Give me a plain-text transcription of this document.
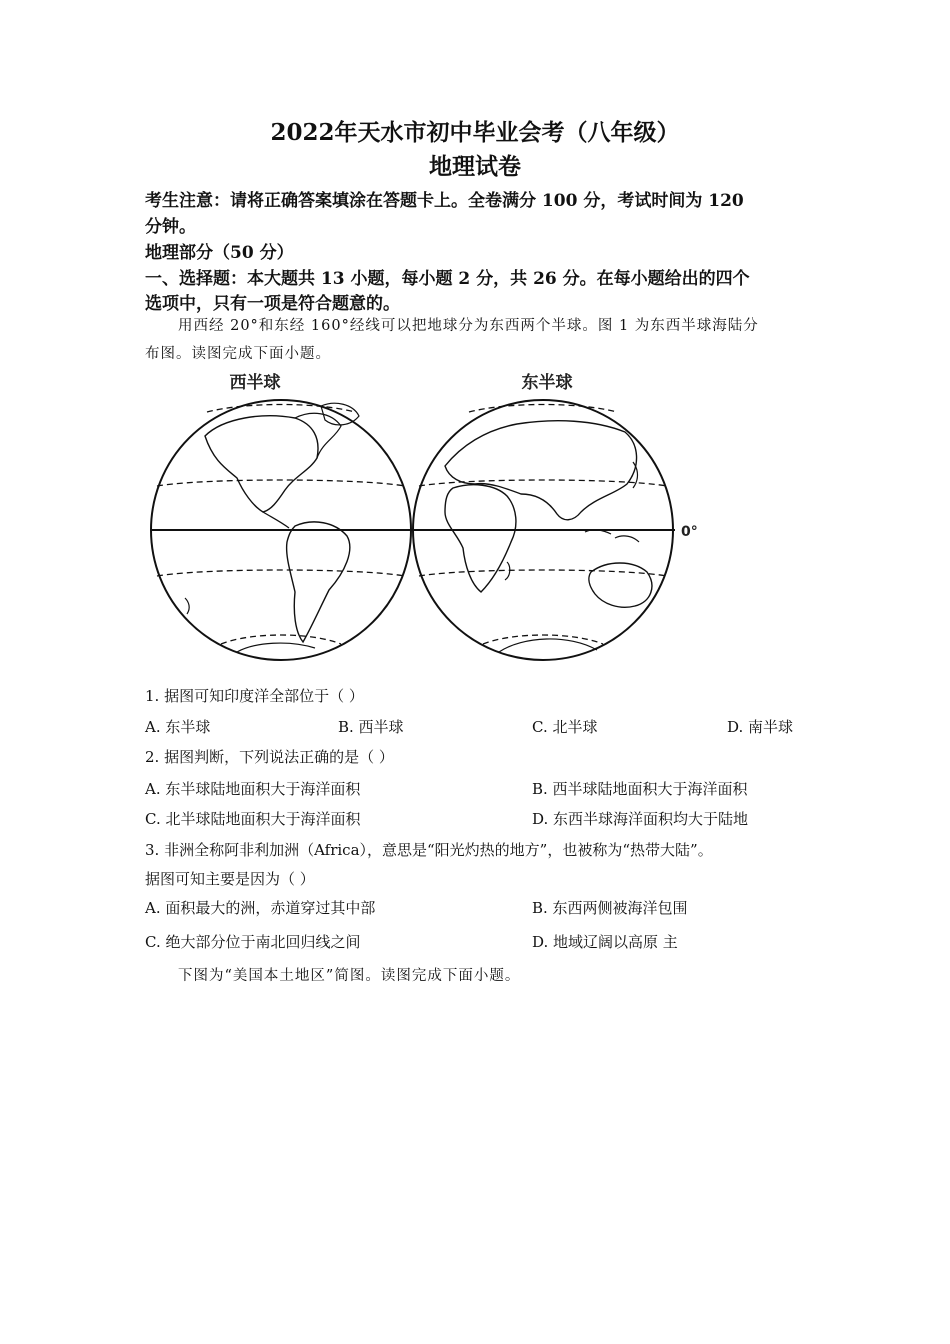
2022年天水市初中毕业会考（八年级）
地理试卷
考生注意：请将正确答案填涂在答题卡上。全卷满分 100 分，考试时间为 120
分钟。
地理部分（50 分）
一、选择题：本大题共 13 小题，每小题 2 分，共 26 分。在每小题给出的四个
选项中，只有一项是符合题意的。
用西经 20°和东经 160°经线可以把地球分为东西两个半球。图 1 为东西半球海陆分
布图。读图完成下面小题。
西半球	东半球
0°
1. 据图可知印度洋全部位于（ ）
A. 东半球	B. 西半球	C. 北半球	D. 南半球
2. 据图判断，下列说法正确的是（ ）
A. 东半球陆地面积大于海洋面积	B. 西半球陆地面积大于海洋面积
C. 北半球陆地面积大于海洋面积	D. 东西半球海洋面积均大于陆地
3. 非洲全称阿非利加洲（Africa），意思是“阳光灼热的地方”，也被称为“热带大陆”。
据图可知主要是因为（ ）
A. 面积最大的洲，赤道穿过其中部	B. 东西两侧被海洋包围
C. 绝大部分位于南北回归线之间	D. 地域辽阔以高原 主
下图为“美国本土地区”简图。读图完成下面小题。
